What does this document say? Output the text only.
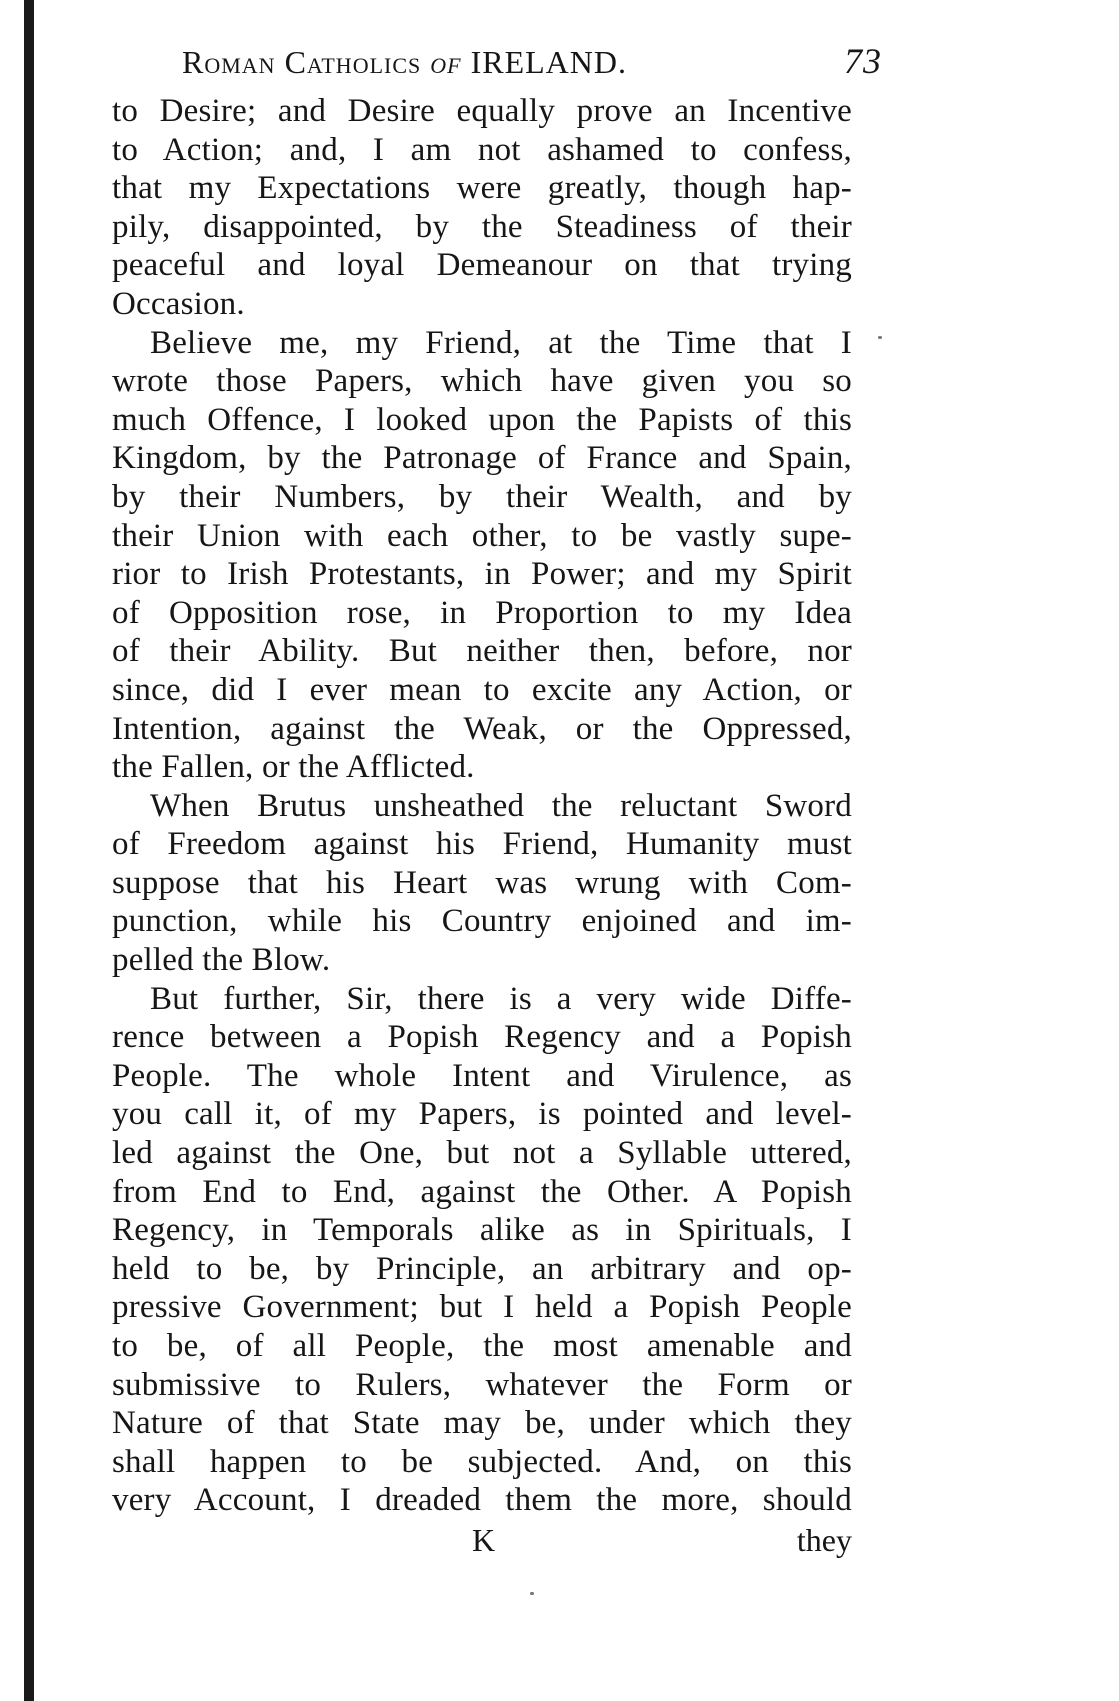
Roman Catholics of IRELAND.	73
to Desire; and Desire equally prove an Incentive
to Action; and, I am not ashamed to confess,
that my Expectations were greatly, though hap-
pily, disappointed, by the Steadiness of their
peaceful and loyal Demeanour on that trying
Occasion.
Believe me, my Friend, at the Time that I
wrote those Papers, which have given you so
much Offence, I looked upon the Papists of this
Kingdom, by the Patronage of France and Spain,
by their Numbers, by their Wealth, and by
their Union with each other, to be vastly supe-
rior to Irish Protestants, in Power; and my Spirit
of Opposition rose, in Proportion to my Idea
of their Ability. But neither then, before, nor
since, did I ever mean to excite any Action, or
Intention, against the Weak, or the Oppressed,
the Fallen, or the Afflicted.
When Brutus unsheathed the reluctant Sword
of Freedom against his Friend, Humanity must
suppose that his Heart was wrung with Com-
punction, while his Country enjoined and im-
pelled the Blow.
But further, Sir, there is a very wide Diffe-
rence between a Popish Regency and a Popish
People. The whole Intent and Virulence, as
you call it, of my Papers, is pointed and level-
led against the One, but not a Syllable uttered,
from End to End, against the Other. A Popish
Regency, in Temporals alike as in Spirituals, I
held to be, by Principle, an arbitrary and op-
pressive Government; but I held a Popish People
to be, of all People, the most amenable and
submissive to Rulers, whatever the Form or
Nature of that State may be, under which they
shall happen to be subjected. And, on this
very Account, I dreaded them the more, should
K	they
